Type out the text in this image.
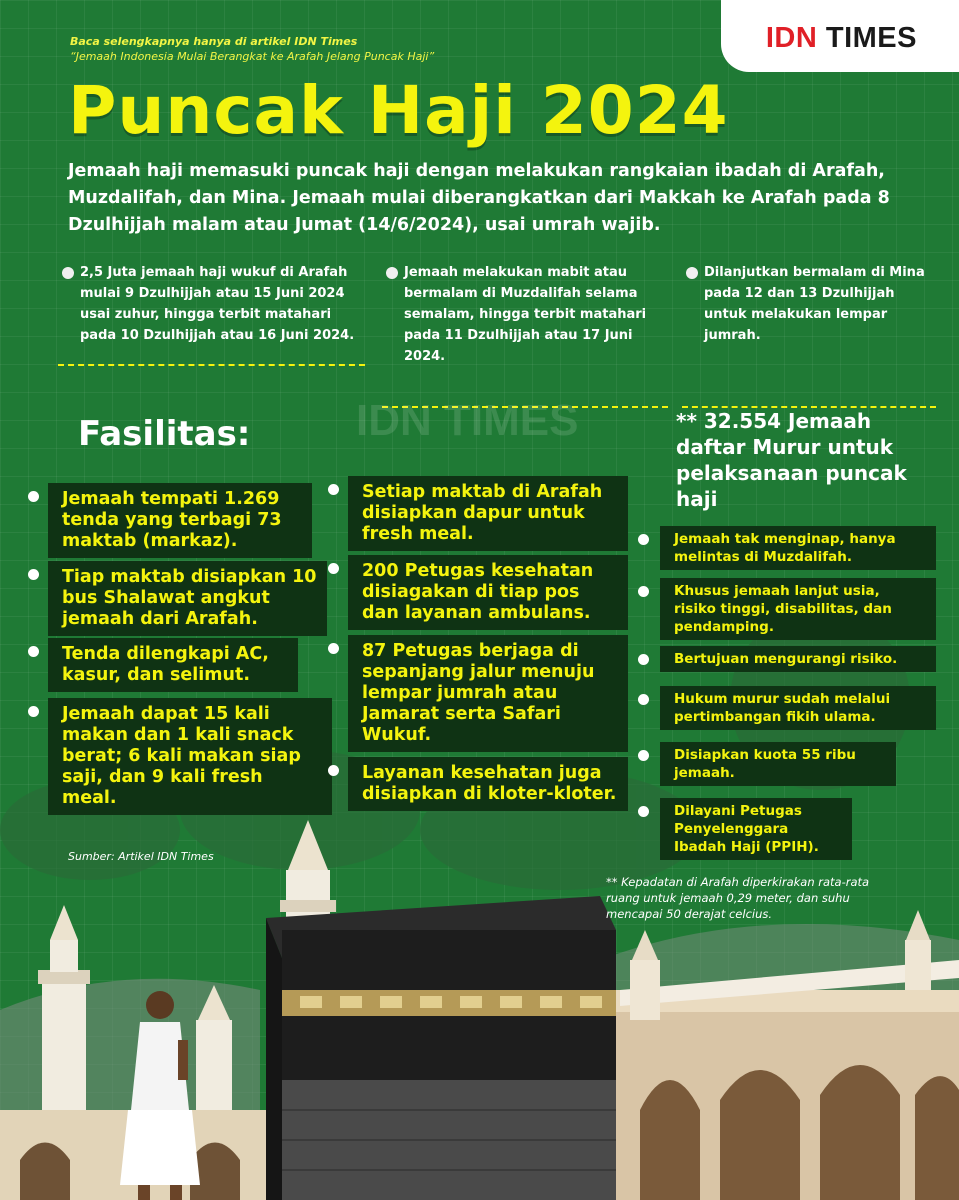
IDN TIMES
Baca selengkapnya hanya di artikel IDN Times
“Jemaah Indonesia Mulai Berangkat ke Arafah Jelang Puncak Haji”
Puncak Haji 2024
Jemaah haji memasuki puncak haji dengan melakukan rangkaian ibadah di Arafah, Muzdalifah, dan Mina. Jemaah mulai diberangkatkan dari Makkah ke Arafah pada 8 Dzulhijjah malam atau Jumat (14/6/2024), usai umrah wajib.
2,5 Juta jemaah haji wukuf di Arafah mulai 9 Dzulhijjah atau 15 Juni 2024 usai zuhur, hingga terbit matahari pada 10 Dzulhijjah atau 16 Juni 2024.
Jemaah melakukan mabit atau bermalam di Muzdalifah selama semalam, hingga terbit matahari pada 11 Dzulhijjah atau 17 Juni 2024.
Dilanjutkan bermalam di Mina pada 12 dan 13 Dzulhijjah untuk melakukan lempar jumrah.
IDN TIMES
Fasilitas:
Jemaah tempati 1.269 tenda yang terbagi 73 maktab (markaz).
Tiap maktab disiapkan 10 bus Shalawat angkut jemaah dari Arafah.
Tenda dilengkapi AC, kasur, dan selimut.
Jemaah dapat 15 kali makan dan 1 kali snack berat; 6 kali makan siap saji, dan 9 kali fresh meal.
Setiap maktab di Arafah disiapkan dapur untuk fresh meal.
200 Petugas kesehatan disiagakan di tiap pos dan layanan ambulans.
87 Petugas berjaga di sepanjang jalur menuju lempar jumrah atau Jamarat serta Safari Wukuf.
Layanan kesehatan juga disiapkan di kloter-kloter.
** 32.554 Jemaah daftar Murur untuk pelaksanaan puncak haji
Jemaah tak menginap, hanya melintas di Muzdalifah.
Khusus jemaah lanjut usia, risiko tinggi, disabilitas, dan pendamping.
Bertujuan mengurangi risiko.
Hukum murur sudah melalui pertimbangan fikih ulama.
Disiapkan kuota 55 ribu jemaah.
Dilayani Petugas Penyelenggara Ibadah Haji (PPIH).
Sumber: Artikel IDN Times
** Kepadatan di Arafah diperkirakan rata-rata ruang untuk jemaah 0,29 meter, dan suhu mencapai 50 derajat celcius.
